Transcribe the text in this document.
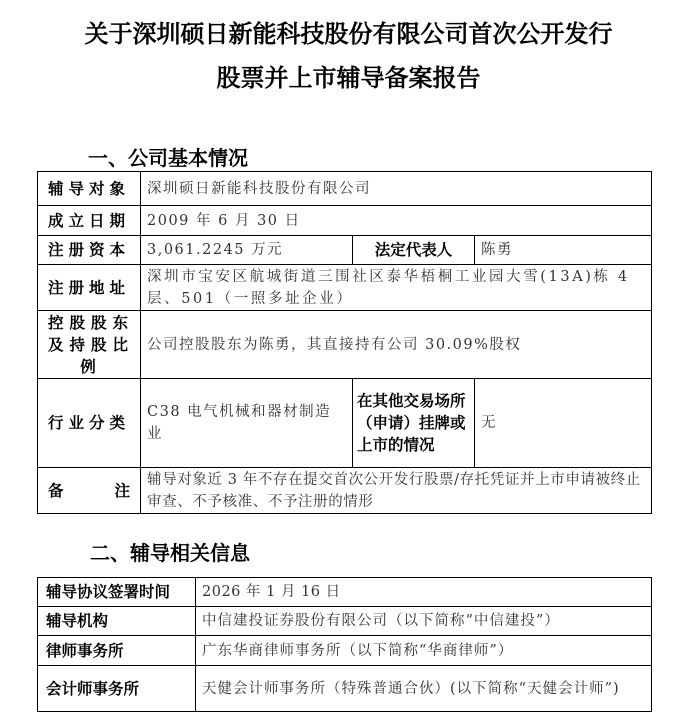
关于深圳硕日新能科技股份有限公司首次公开发行
股票并上市辅导备案报告
一、公司基本情况
辅导对象	深圳硕日新能科技股份有限公司		
成立日期	2009 年 6 月 30 日		
注册资本	3,061.2245 万元	法定代表人	陈勇
注册地址	深圳市宝安区航城街道三围社区泰华梧桐工业园大雪(13A)栋 4 层、501（一照多址企业）		
控股股东及持股比例	公司控股股东为陈勇，其直接持有公司 30.09%股权		
行业分类	C38 电气机械和器材制造业	在其他交易场所（申请）挂牌或上市的情况	无

备 注	辅导对象近 3 年不存在提交首次公开发行股票/存托凭证并上市申请被终止审查、不予核准、不予注册的情形		
二、辅导相关信息
辅导协议签署时间	2026 年 1 月 16 日
辅导机构	中信建投证券股份有限公司（以下简称“中信建投”）
律师事务所	广东华商律师事务所（以下简称“华商律师”）
会计师事务所	天健会计师事务所（特殊普通合伙）(以下简称“天健会计师”)
